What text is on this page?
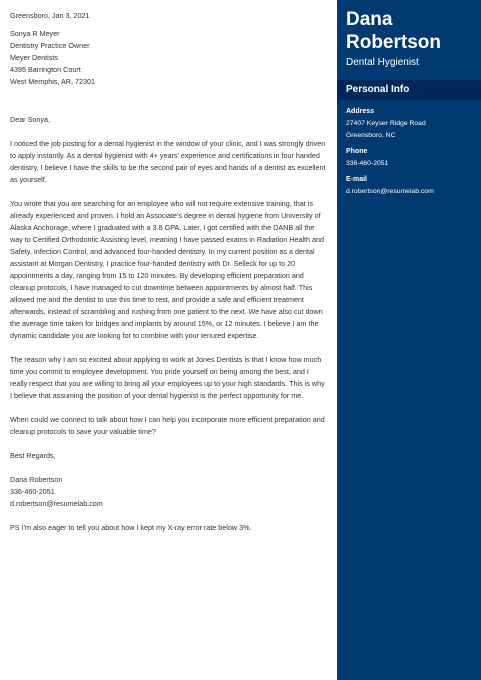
Greensboro, Jan 3, 2021
Sonya R Meyer
Dentistry Practice Owner
Meyer Dentists
4395 Barrington Court
West Memphis, AR, 72301
Dear Sonya,

I noticed the job posting for a dental hygienist in the window of your clinic, and I was strongly driven to apply instantly. As a dental hygienist with 4+ years' experience and certifications in four handed dentistry, I believe I have the skills to be the second pair of eyes and hands of a dentist as excellent as yourself.

You wrote that you are searching for an employee who will not require extensive training, that is already experienced and proven. I hold an Associate's degree in dental hygiene from University of Alaska Anchorage, where I graduated with a 3.8 GPA. Later, I got certified with the DANB all the way to Certified Orthodontic Assisting level, meaning I have passed exams in Radiation Health and Safety, Infection Control, and advanced four-handed dentistry. In my current position as a dental assistant at Morgan Dentistry, I practice four-handed dentistry with Dr. Selleck for up to 20 appointments a day, ranging from 15 to 120 minutes. By developing efficient preparation and cleanup protocols, I have managed to cut downtime between appointments by almost half. This allowed me and the dentist to use this time to rest, and provide a safe and efficient treatment afterwards, instead of scrambling and rushing from one patient to the next. We have also cut down the average time taken for bridges and implants by around 15%, or 12 minutes. I believe I am the dynamic candidate you are looking for to combine with your tenured expertise.

The reason why I am so excited about applying to work at Jones Dentists is that I know how much time you commit to employee development. You pride yourself on being among the best, and I really respect that you are willing to bring all your employees up to your high standards. This is why I believe that assuming the position of your dental hygienist is the perfect opportunity for me.

When could we connect to talk about how I can help you incorporate more efficient preparation and cleanup protocols to save your valuable time?

Best Regards,

Dana Robertson
336-460-2051
d.robertson@resumelab.com

PS I'm also eager to tell you about how I kept my X-ray error rate below 3%.

Dana
Robertson
Dental Hygienist
Personal Info
Address
27407 Keyser Ridge Road
Greensboro, NC
Phone
336-460-2051
E-mail
d.robertson@resumelab.com
